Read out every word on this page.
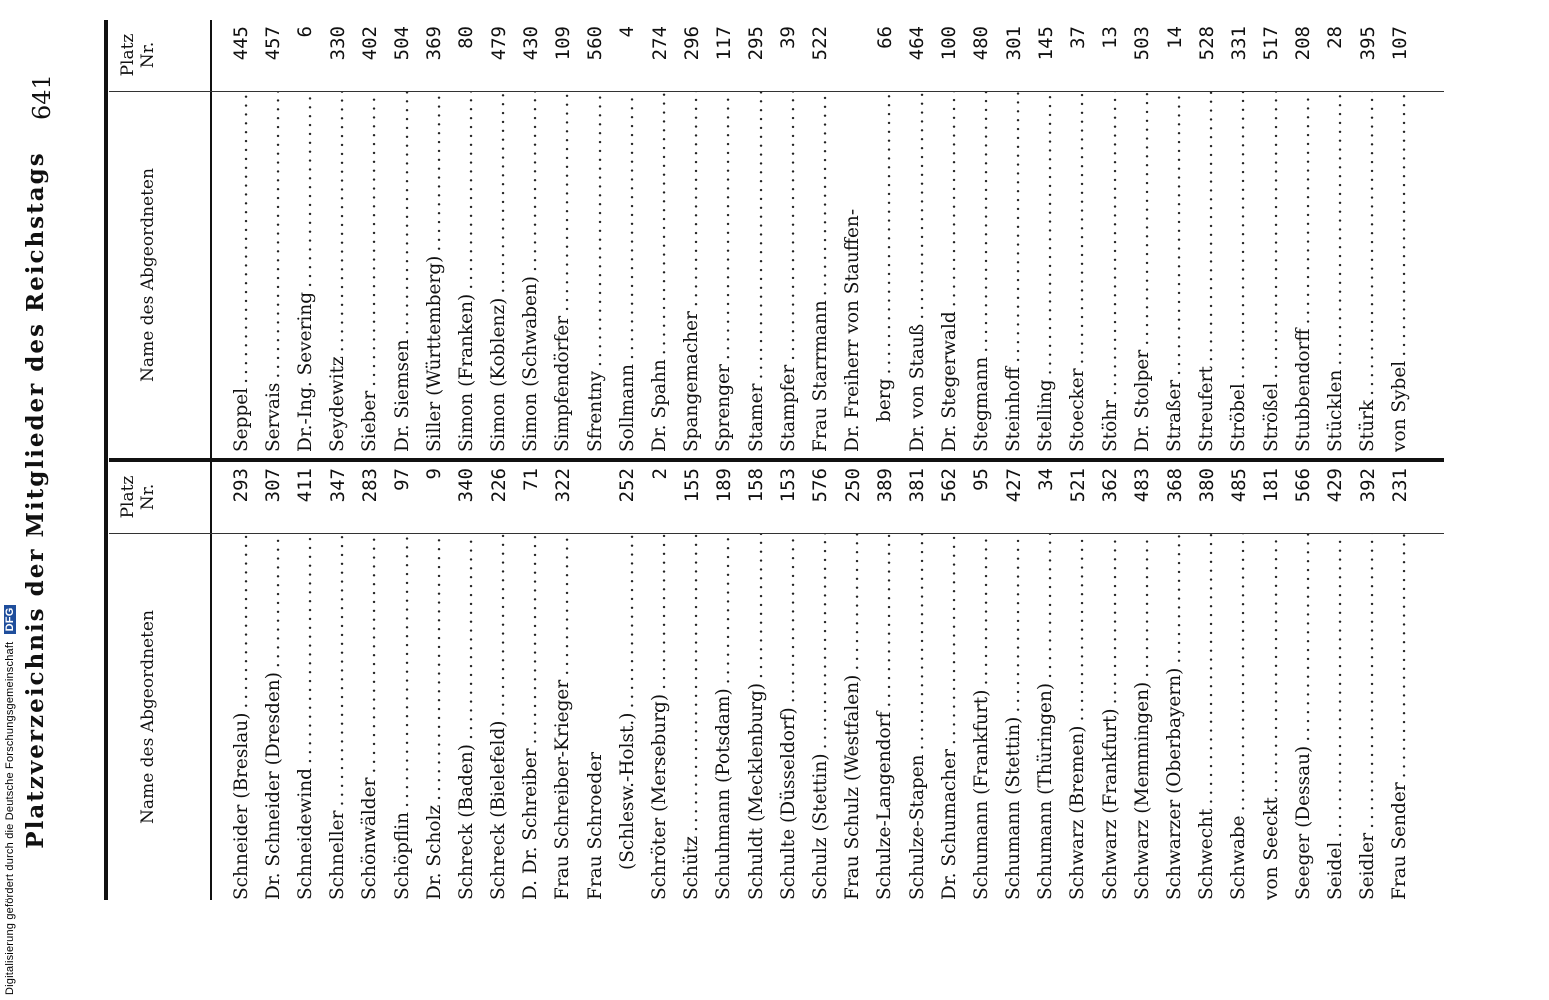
Platzverzeichnis der Mitglieder des Reichstags
641
Name des Abgeordneten
Platz Nr.
Name des Abgeordneten
Platz Nr.
Schneider (Breslau)
.....
293
Dr. Schneider (Dresden)
.....
307
Schneidewind
.....
411
Schneller
.....
347
Schönwälder
.....
283
Schöpflin
.....
97
Dr. Scholz
.....
9
Schreck (Baden)
.....
340
Schreck (Bielefeld)
.....
226
D. Dr. Schreiber
.....
71
Frau Schreiber-Krieger
.....
322
Frau Schroeder (Schlesw.-Holst.)
.....
252
Schröter (Merseburg)
.....
2
Schütz
.....
155
Schuhmann (Potsdam)
.....
189
Schuldt (Mecklenburg)
.....
158
Schulte (Düsseldorf)
.....
153
Schulz (Stettin)
.....
576
Frau Schulz (Westfalen)
.....
250
Schulze-Langendorf
.....
389
Schulze-Stapen
.....
381
Dr. Schumacher
.....
562
Schumann (Frankfurt)
.....
95
Schumann (Stettin)
.....
427
Schumann (Thüringen)
.....
34
Schwarz (Bremen)
.....
521
Schwarz (Frankfurt)
.....
362
Schwarz (Memmingen)
.....
483
Schwarzer (Oberbayern)
.....
368
Schwecht
.....
380
Schwabe
.....
485
von Seeckt
.....
181
Seeger (Dessau)
.....
566
Seidel
.....
429
Seidler
.....
392
Frau Sender
.....
231
Seppel
.....
445
Servais
.....
457
Dr.-Ing. Severing
.....
6
Seydewitz
.....
330
Sieber
.....
402
Dr. Siemsen
.....
504
Siller (Württemberg)
.....
369
Simon (Franken)
.....
80
Simon (Koblenz)
.....
479
Simon (Schwaben)
.....
430
Simpfendörfer
.....
109
Sfrentny
.....
560
Sollmann
.....
4
Dr. Spahn
.....
274
Spangemacher
.....
296
Sprenger
.....
117
Stamer
.....
295
Stampfer
.....
39
Frau Starrmann
.....
522
Dr. Freiherr von Stauffen- berg
.....
66
Dr. von Stauß
.....
464
Dr. Stegerwald
.....
100
Stegmann
.....
480
Steinhoff
.....
301
Stelling
.....
145
Stoecker
.....
37
Stöhr
.....
13
Dr. Stolper
.....
503
Straßer
.....
14
Streufert
.....
528
Ströbel
.....
331
Strößel
.....
517
Stubbendorff
.....
208
Stücklen
.....
28
Stürk
.....
395
von Sybel
.....
107
Digitalisierung gefördert durch die Deutsche Forschungsgemeinschaft DFG
